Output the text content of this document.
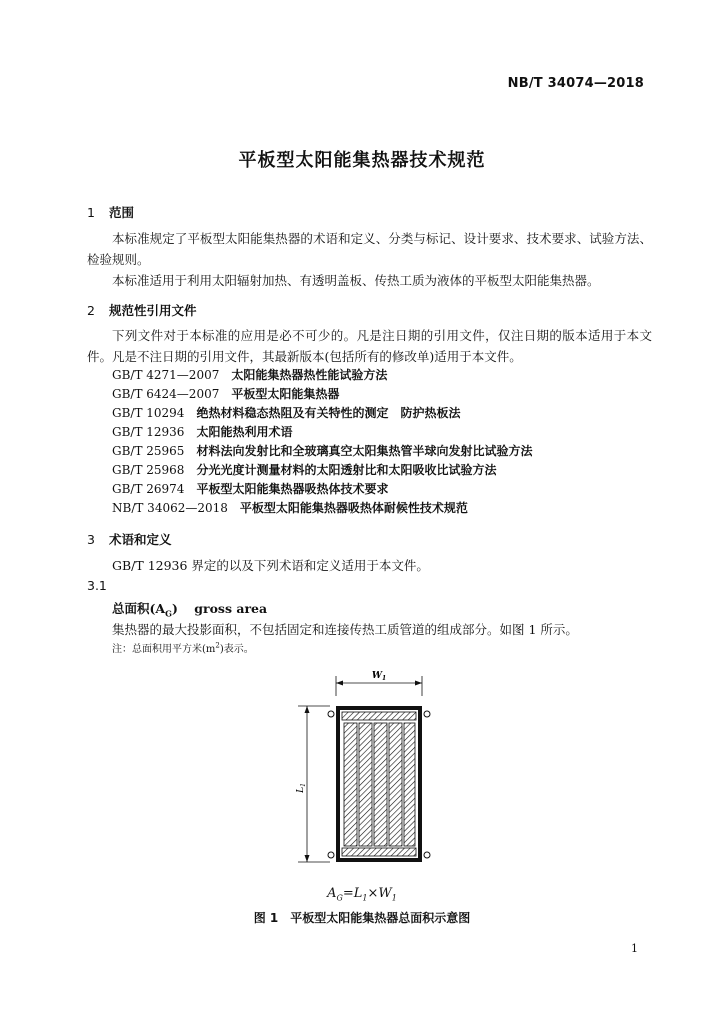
NB/T 34074—2018
平板型太阳能集热器技术规范
1 范围
本标准规定了平板型太阳能集热器的术语和定义、分类与标记、设计要求、技术要求、试验方法、检验规则。
本标准适用于利用太阳辐射加热、有透明盖板、传热工质为液体的平板型太阳能集热器。
2 规范性引用文件
下列文件对于本标准的应用是必不可少的。凡是注日期的引用文件，仅注日期的版本适用于本文件。凡是不注日期的引用文件，其最新版本(包括所有的修改单)适用于本文件。
GB/T 4271—2007 太阳能集热器热性能试验方法
GB/T 6424—2007 平板型太阳能集热器
GB/T 10294 绝热材料稳态热阻及有关特性的测定　防护热板法
GB/T 12936 太阳能热利用术语
GB/T 25965 材料法向发射比和全玻璃真空太阳集热管半球向发射比试验方法
GB/T 25968 分光光度计测量材料的太阳透射比和太阳吸收比试验方法
GB/T 26974 平板型太阳能集热器吸热体技术要求
NB/T 34062—2018 平板型太阳能集热器吸热体耐候性技术规范
3 术语和定义
GB/T 12936 界定的以及下列术语和定义适用于本文件。
3.1
总面积$(A_G)$ gross area
集热器的最大投影面积，不包括固定和连接传热工质管道的组成部分。如图 1 所示。
注：总面积用平方米$(m^2)$表示。
$W_1$
$L_1$
$A_G=L_1\times W_1$
图 1　平板型太阳能集热器总面积示意图
1
